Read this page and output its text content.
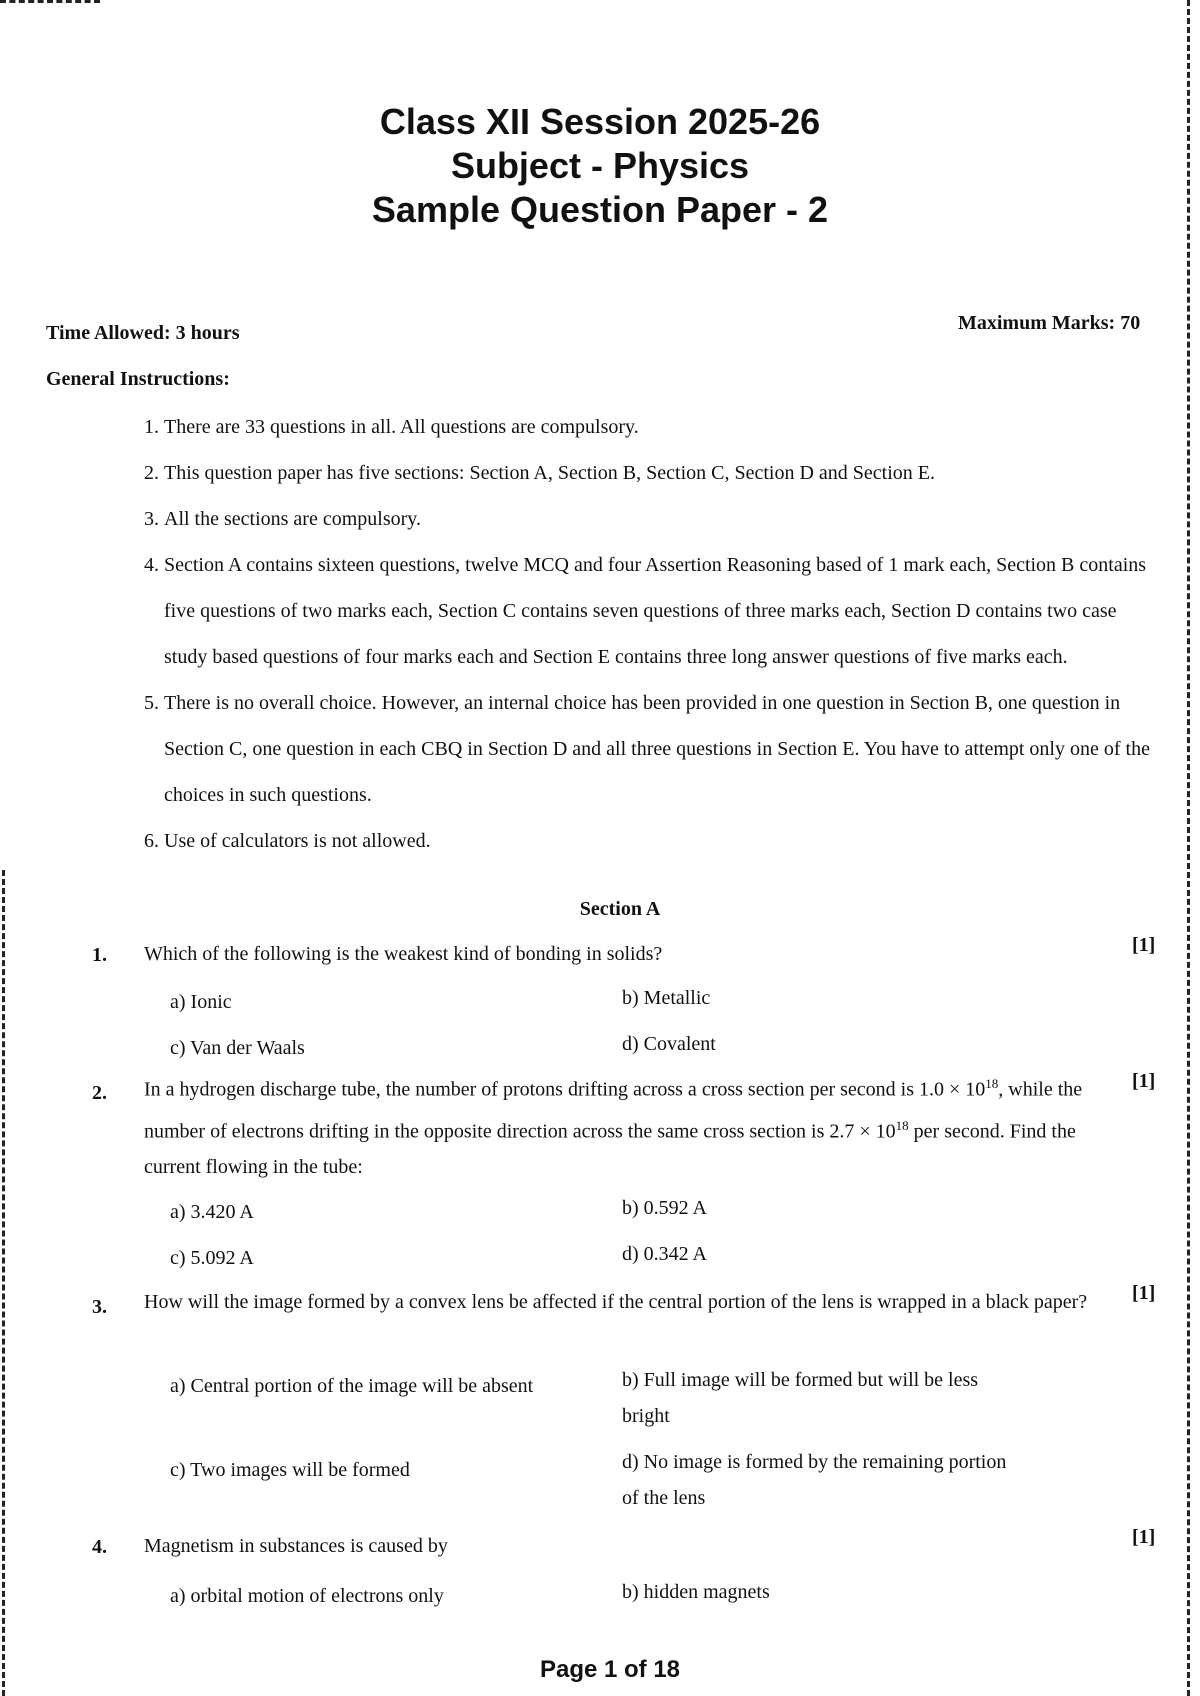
Class XII Session 2025-26
Subject - Physics
Sample Question Paper - 2
Time Allowed: 3 hours	Maximum Marks: 70
General Instructions:
1. There are 33 questions in all. All questions are compulsory.
2. This question paper has five sections: Section A, Section B, Section C, Section D and Section E.
3. All the sections are compulsory.
4. Section A contains sixteen questions, twelve MCQ and four Assertion Reasoning based of 1 mark each, Section B contains five questions of two marks each, Section C contains seven questions of three marks each, Section D contains two case study based questions of four marks each and Section E contains three long answer questions of five marks each.
5. There is no overall choice. However, an internal choice has been provided in one question in Section B, one question in Section C, one question in each CBQ in Section D and all three questions in Section E. You have to attempt only one of the choices in such questions.
6. Use of calculators is not allowed.
Section A
1. Which of the following is the weakest kind of bonding in solids?	[1]
a) Ionic	b) Metallic
c) Van der Waals	d) Covalent
2. In a hydrogen discharge tube, the number of protons drifting across a cross section per second is $1.0 \times 10^{18}$, while the number of electrons drifting in the opposite direction across the same cross section is $2.7 \times 10^{18}$ per second. Find the current flowing in the tube:
[1]
a) 3.420 A	b) 0.592 A
c) 5.092 A	d) 0.342 A
3. How will the image formed by a convex lens be affected if the central portion of the lens is wrapped in a black paper?	[1]
a) Central portion of the image will be absent	b) Full image will be formed but will be less bright
c) Two images will be formed	d) No image is formed by the remaining portion of the lens
4. Magnetism in substances is caused by	[1]
a) orbital motion of electrons only	b) hidden magnets
Page 1 of 18
